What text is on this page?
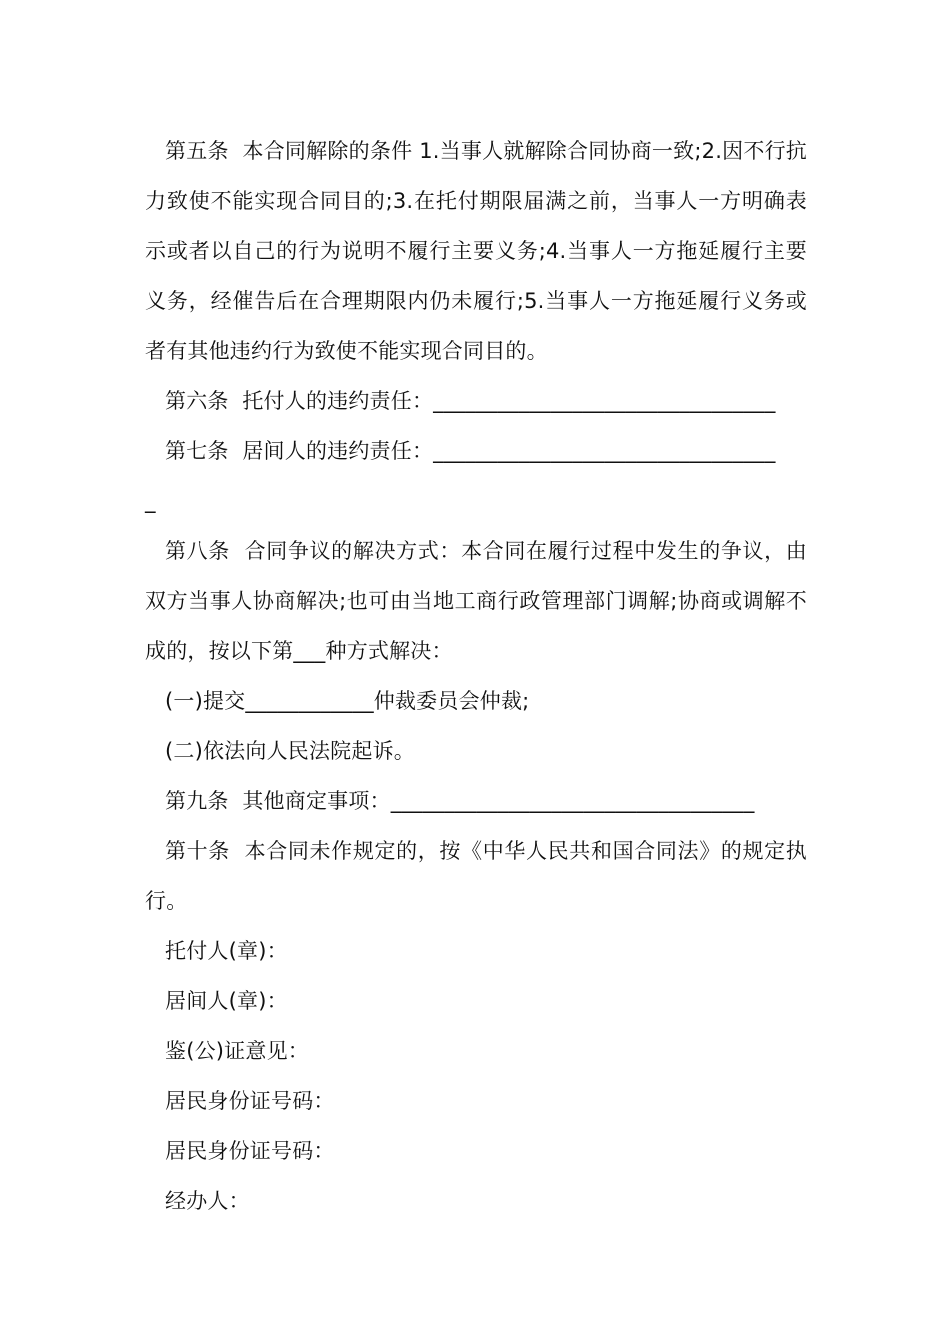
第五条  本合同解除的条件 1.当事人就解除合同协商一致;2.因不行抗力致使不能实现合同目的;3.在托付期限届满之前，当事人一方明确表示或者以自己的行为说明不履行主要义务;4.当事人一方拖延履行主要义务，经催告后在合理期限内仍未履行;5.当事人一方拖延履行义务或者有其他违约行为致使不能实现合同目的。

第六条  托付人的违约责任：________________________________

第七条  居间人的违约责任：________________________________

_

第八条  合同争议的解决方式：本合同在履行过程中发生的争议，由双方当事人协商解决;也可由当地工商行政管理部门调解;协商或调解不成的，按以下第___种方式解决：

(一)提交____________仲裁委员会仲裁;

(二)依法向人民法院起诉。

第九条  其他商定事项：__________________________________

第十条  本合同未作规定的，按《中华人民共和国合同法》的规定执行。

托付人(章)：

居间人(章)：

鉴(公)证意见：

居民身份证号码：

居民身份证号码：

经办人：
